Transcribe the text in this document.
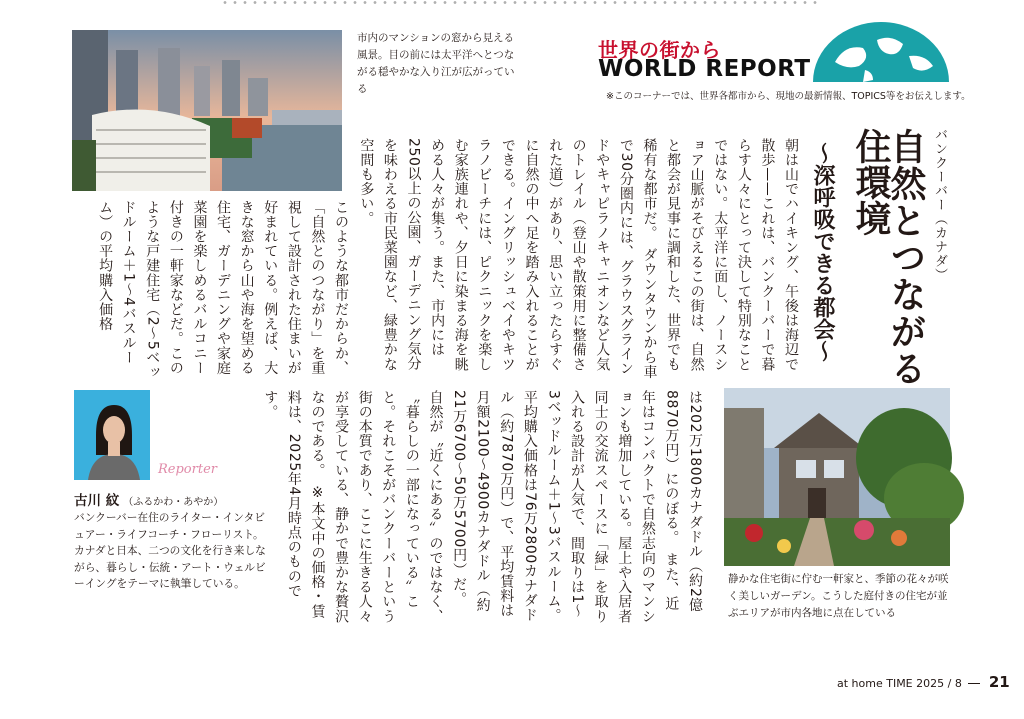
市内のマンションの窓から見える風景。目の前には太平洋へとつながる穏やかな入り江が広がっている
世界の街から
WORLD REPORT
※このコーナーでは、世界各都市から、現地の最新情報、TOPICS等をお伝えします。
バンクーバー（カナダ）
自然とつながる
住環境
〜深呼吸できる都会〜
朝は山でハイキング、午後は海辺で散歩——これは、バンクーバーで暮らす人々にとって決して特別なことではない。太平洋に面し、ノースショア山脈がそびえるこの街は、自然と都会が見事に調和した、世界でも稀有な都市だ。　ダウンタウンから車で30分圏内には、グラウスグラインドやキャピラノキャニオンなど人気のトレイル（登山や散策用に整備された道）があり、思い立ったらすぐに自然の中へ足を踏み入れることができる。イングリッシュベイやキツラノビーチには、ピクニックを楽しむ家族連れや、夕日に染まる海を眺める人々が集う。また、市内には250以上の公園、ガーデニング気分を味わえる市民菜園など、緑豊かな空間も多い。
このような都市だからか、「自然とのつながり」を重視して設計された住まいが好まれている。例えば、大きな窓から山や海を望める住宅、ガーデニングや家庭菜園を楽しめるバルコニー付きの一軒家などだ。このような戸建住宅（2〜5ベッドルーム＋1〜4バスルーム）の平均購入価格
は202万1800カナダドル（約2億8870万円）にのぼる。　また、近年はコンパクトで自然志向のマンションも増加している。屋上や入居者同士の交流スペースに「緑」を取り入れる設計が人気で、間取りは1〜3ベッドルーム＋1〜3バスルーム。平均購入価格は76万2800カナダドル（約7870万円）で、平均賃料は月額2100〜4900カナダドル（約21万6700〜50万5700円）だ。　自然が〝近くにある〟のではなく、〝暮らしの一部になっている〟こと。それこそがバンクーバーという街の本質であり、ここに生きる人々が享受している、静かで豊かな贅沢なのである。　※本文中の価格・賃料は、2025年4月時点のものです。
静かな住宅街に佇む一軒家と、季節の花々が咲く美しいガーデン。こうした庭付きの住宅が並ぶエリアが市内各地に点在している
Reporter
古川 紋 （ふるかわ・あやか）
バンクーバー在住のライター・インタビュアー・ライフコーチ・フローリスト。カナダと日本、二つの文化を行き来しながら、暮らし・伝統・アート・ウェルビーイングをテーマに執筆している。
at home TIME 2025 / 8 21
